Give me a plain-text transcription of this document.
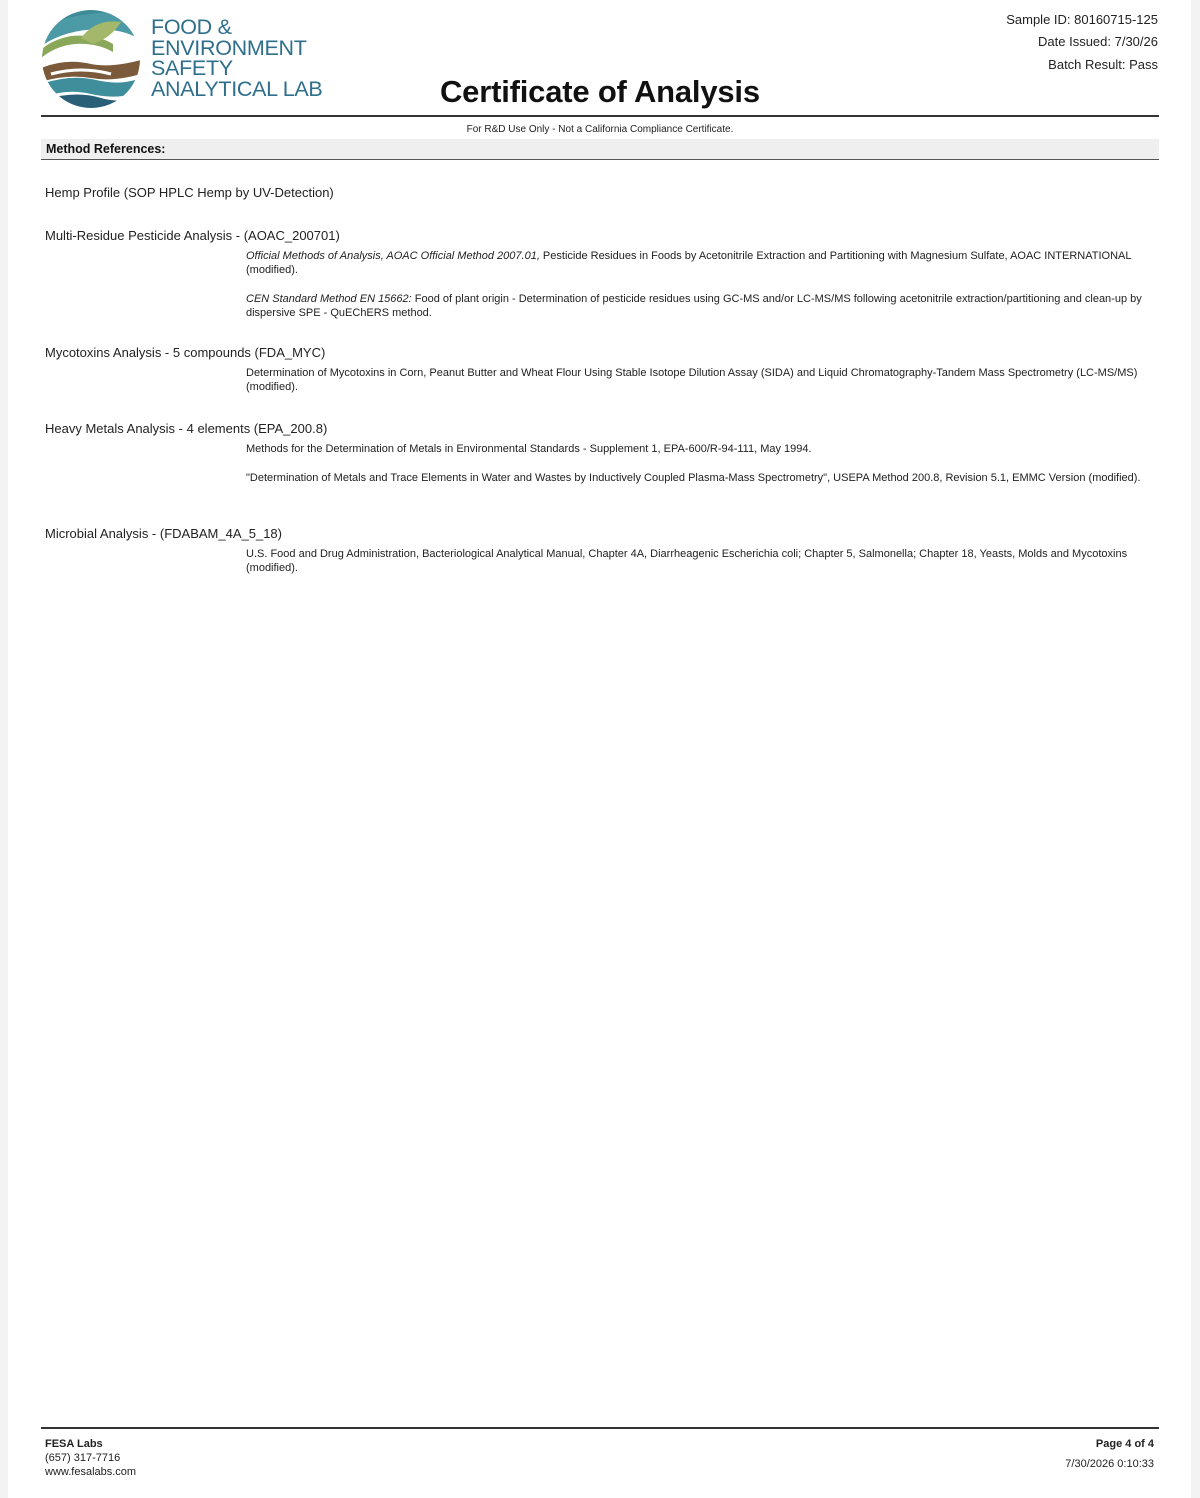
FOOD &
ENVIRONMENT
SAFETY
ANALYTICAL LAB
Sample ID: 80160715-125
Date Issued: 7/30/26
Batch Result: Pass
Certificate of Analysis
For R&D Use Only - Not a California Compliance Certificate.
Method References:
Hemp Profile (SOP HPLC Hemp by UV-Detection)
Multi-Residue Pesticide Analysis - (AOAC_200701)
Official Methods of Analysis, AOAC Official Method 2007.01, Pesticide Residues in Foods by Acetonitrile Extraction and Partitioning with Magnesium Sulfate, AOAC INTERNATIONAL (modified).
CEN Standard Method EN 15662: Food of plant origin - Determination of pesticide residues using GC-MS and/or LC-MS/MS following acetonitrile extraction/partitioning and clean-up by dispersive SPE - QuEChERS method.
Mycotoxins Analysis - 5 compounds (FDA_MYC)
Determination of Mycotoxins in Corn, Peanut Butter and Wheat Flour Using Stable Isotope Dilution Assay (SIDA) and Liquid Chromatography-Tandem Mass Spectrometry (LC-MS/MS) (modified).
Heavy Metals Analysis - 4 elements (EPA_200.8)
Methods for the Determination of Metals in Environmental Standards - Supplement 1, EPA-600/R-94-111, May 1994.
"Determination of Metals and Trace Elements in Water and Wastes by Inductively Coupled Plasma-Mass Spectrometry", USEPA Method 200.8, Revision 5.1, EMMC Version (modified).
Microbial Analysis - (FDABAM_4A_5_18)
U.S. Food and Drug Administration, Bacteriological Analytical Manual, Chapter 4A, Diarrheagenic Escherichia coli; Chapter 5, Salmonella; Chapter 18, Yeasts, Molds and Mycotoxins (modified).
FESA Labs
(657) 317-7716
www.fesalabs.com
Page 4 of 4
7/30/2026 0:10:33
